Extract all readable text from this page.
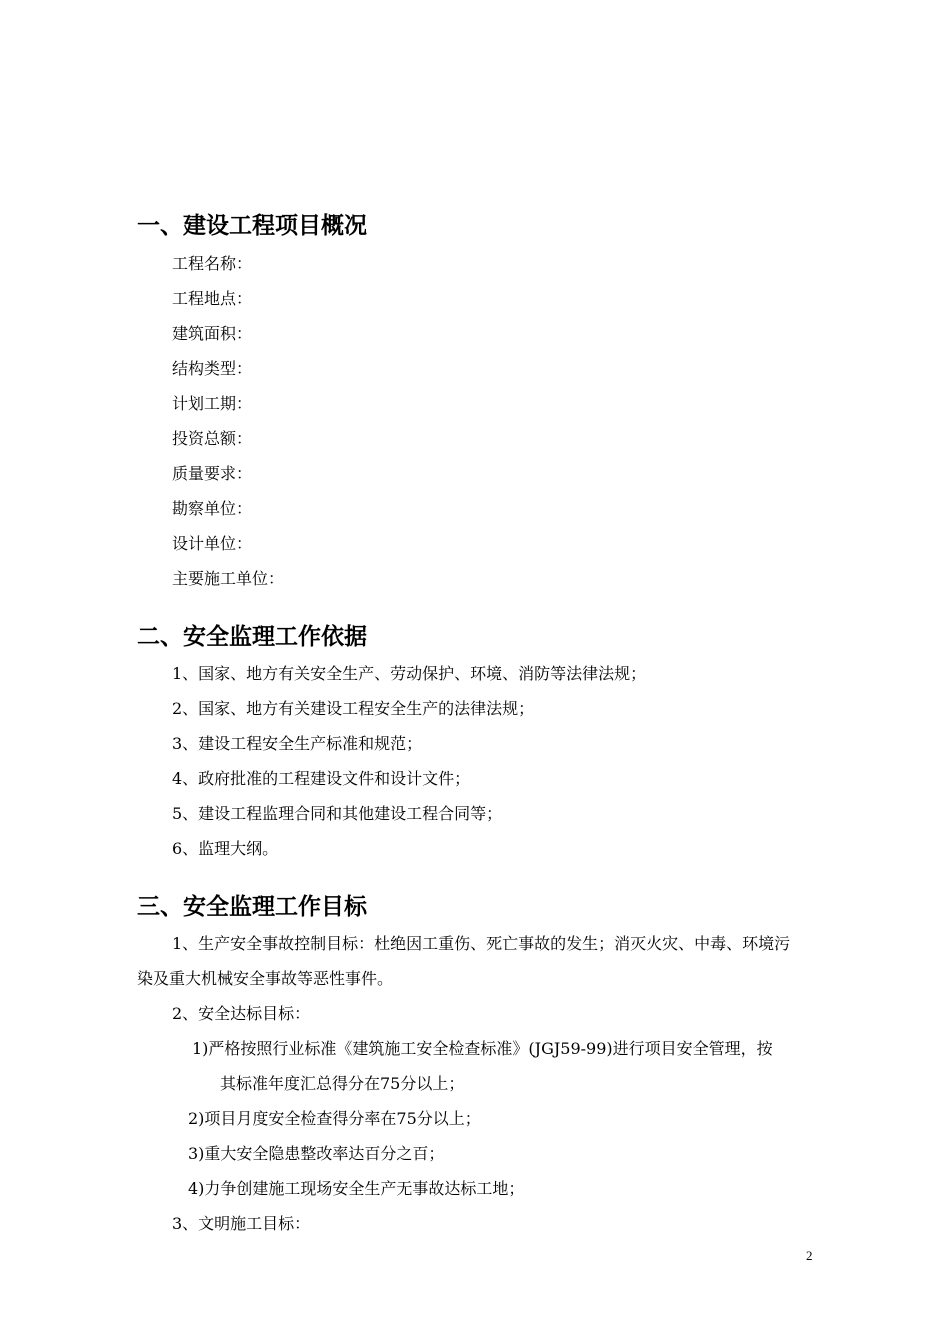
一、建设工程项目概况
工程名称：
工程地点：
建筑面积：
结构类型：
计划工期：
投资总额：
质量要求：
勘察单位：
设计单位：
主要施工单位：
二、安全监理工作依据
1、国家、地方有关安全生产、劳动保护、环境、消防等法律法规；
2、国家、地方有关建设工程安全生产的法律法规；
3、建设工程安全生产标准和规范；
4、政府批准的工程建设文件和设计文件；
5、建设工程监理合同和其他建设工程合同等；
6、监理大纲。
三、安全监理工作目标
1、生产安全事故控制目标：杜绝因工重伤、死亡事故的发生；消灭火灾、中毒、环境污
染及重大机械安全事故等恶性事件。
2、安全达标目标：
1)严格按照行业标准《建筑施工安全检查标准》(JGJ59-99)进行项目安全管理，按
其标准年度汇总得分在75分以上；
2)项目月度安全检查得分率在75分以上；
3)重大安全隐患整改率达百分之百；
4)力争创建施工现场安全生产无事故达标工地；
3、文明施工目标：
2
